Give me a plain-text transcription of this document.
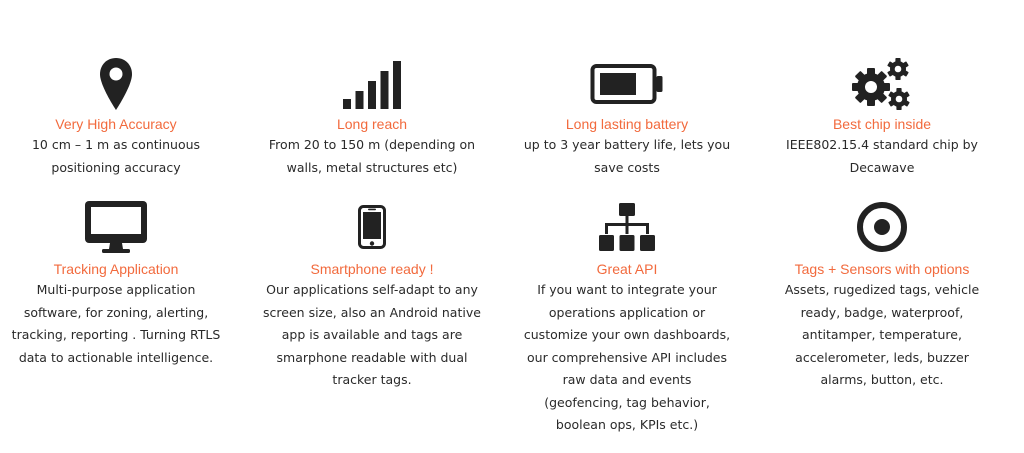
Very High Accuracy

10 cm – 1 m as continuous positioning accuracy

Long reach

From 20 to 150 m (depending on walls, metal structures etc)

Long lasting battery

up to 3 year battery life, lets you save costs

Best chip inside

IEEE802.15.4 standard chip by Decawave

Tracking Application

Multi-purpose application software, for zoning, alerting, tracking, reporting . Turning RTLS data to actionable intelligence.

Smartphone ready !

Our applications self-adapt to any screen size, also an Android native app is available and tags are smarphone readable with dual tracker tags.

Great API

If you want to integrate your operations application or customize your own dashboards, our comprehensive API includes raw data and events (geofencing, tag behavior, boolean ops, KPIs etc.)

Tags + Sensors with options

Assets, rugedized tags, vehicle ready, badge, waterproof, antitamper, temperature, accelerometer, leds, buzzer alarms, button, etc.
